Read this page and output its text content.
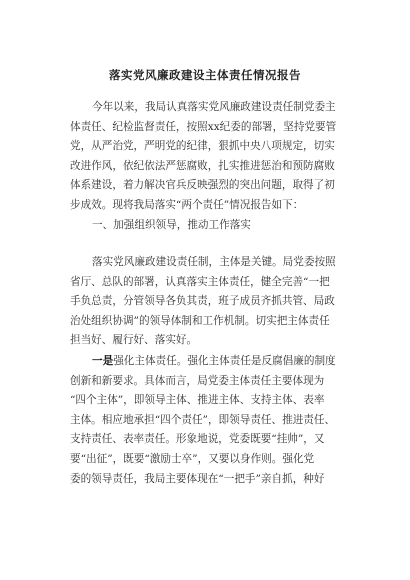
落实党风廉政建设主体责任情况报告
今年以来，我局认真落实党风廉政建设责任制党委主
体责任、纪检监督责任，按照xx纪委的部署，坚持党要管
党，从严治党，严明党的纪律，狠抓中央八项规定，切实
改进作风，依纪依法严惩腐败，扎实推进惩治和预防腐败
体系建设，着力解决官兵反映强烈的突出问题，取得了初
步成效。现将我局落实“两个责任”情况报告如下：
一、加强组织领导，推动工作落实
落实党风廉政建设责任制，主体是关键。局党委按照
省厅、总队的部署，认真落实主体责任，健全完善“一把
手负总责，分管领导各负其责，班子成员齐抓共管、局政
治处组织协调”的领导体制和工作机制。切实把主体责任
担当好、履行好、落实好。
一是强化主体责任。强化主体责任是反腐倡廉的制度
创新和新要求。具体而言，局党委主体责任主要体现为
“四个主体”，即领导主体、推进主体、支持主体、表率
主体。相应地承担“四个责任”，即领导责任、推进责任、
支持责任、表率责任。形象地说，党委既要“挂帅”，又
要“出征”，既要“激励士卒”，又要以身作则。强化党
委的领导责任，我局主要体现在“一把手”亲自抓，种好
